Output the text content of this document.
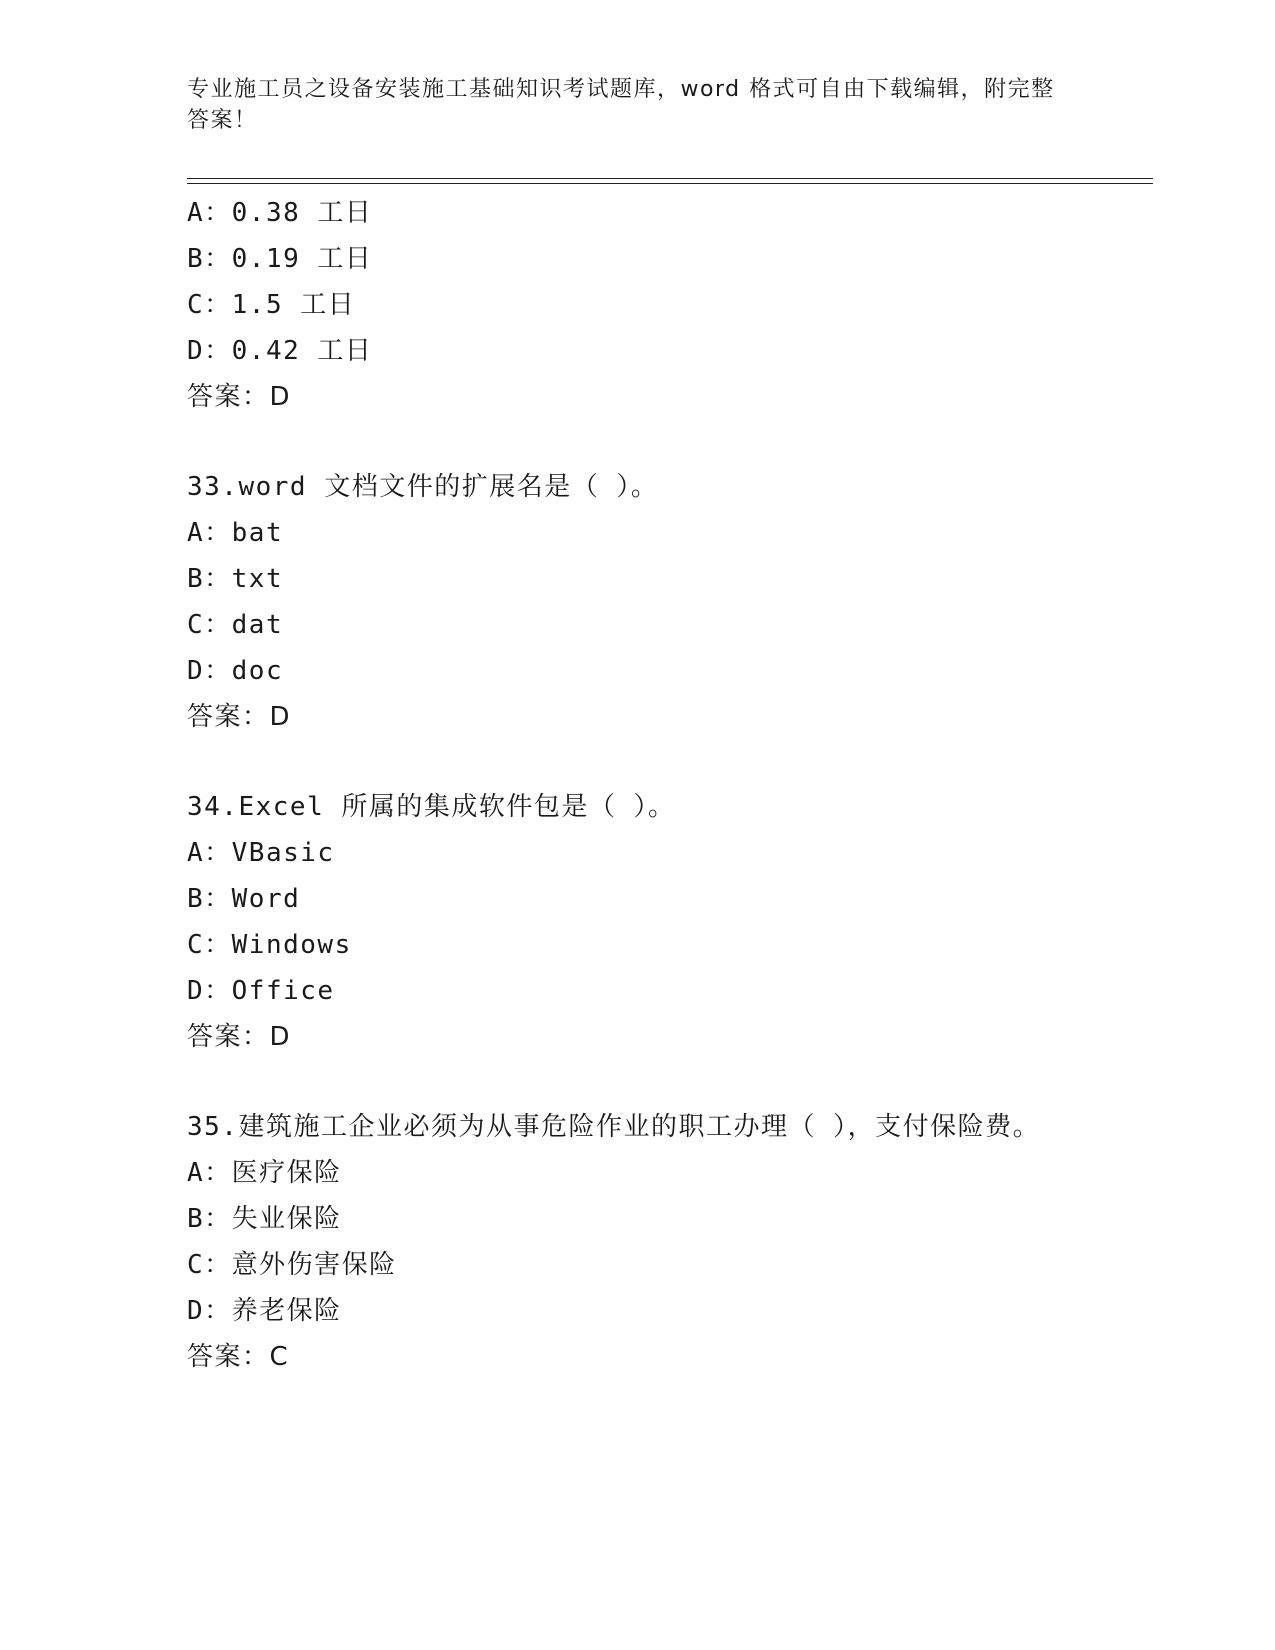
专业施工员之设备安装施工基础知识考试题库，word 格式可自由下载编辑，附完整答案！
A：0.38 工日
B：0.19 工日
C：1.5 工日
D：0.42 工日
答案：D
33.word 文档文件的扩展名是（ ）。
A：bat
B：txt
C：dat
D：doc
答案：D
34.Excel 所属的集成软件包是（ ）。
A：VBasic
B：Word
C：Windows
D：Office
答案：D
35.建筑施工企业必须为从事危险作业的职工办理（ ），支付保险费。
A：医疗保险
B：失业保险
C：意外伤害保险
D：养老保险
答案：C
